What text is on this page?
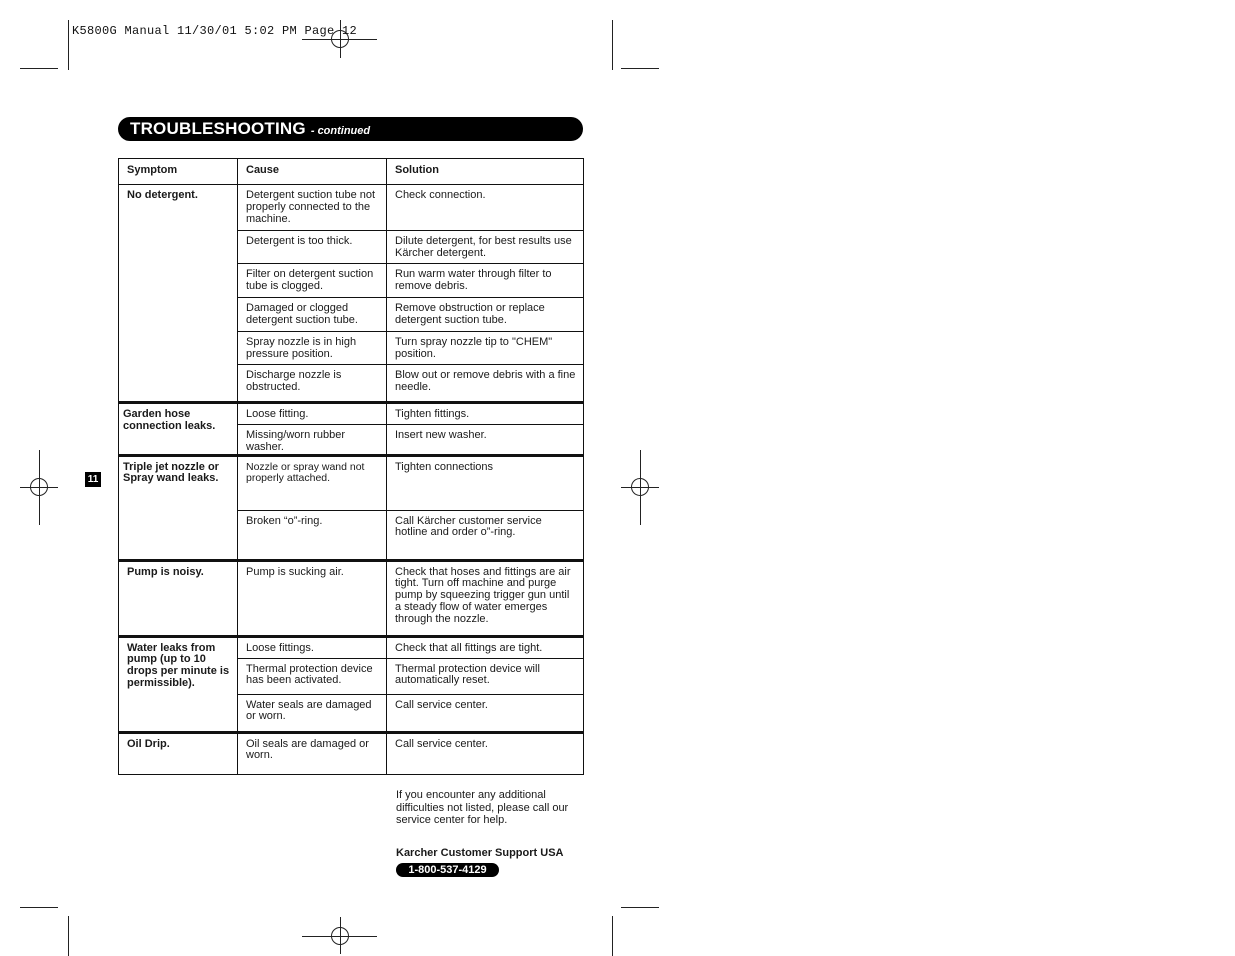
K5800G Manual 11/30/01 5:02 PM Page 12
TROUBLESHOOTING - continued
Symptom	Cause	Solution
No detergent.	Detergent suction tube not properly connected to the machine.	Check connection.
	Detergent is too thick.	Dilute detergent, for best results use Kärcher detergent.
	Filter on detergent suction tube is clogged.	Run warm water through filter to remove debris.
	Damaged or clogged detergent suction tube.	Remove obstruction or replace detergent suction tube.
	Spray nozzle is in high pressure position.	Turn spray nozzle tip to "CHEM" position.
	Discharge nozzle is obstructed.	Blow out or remove debris with a fine needle.
Garden hose connection leaks.	Loose fitting.	Tighten fittings.
	Missing/worn rubber washer.	Insert new washer.
Triple jet nozzle or Spray wand leaks.	Nozzle or spray wand not properly attached.	Tighten connections
	Broken “o”-ring.	Call Kärcher customer service hotline and order o”-ring.
Pump is noisy.	Pump is sucking air.	Check that hoses and fittings are air tight. Turn off machine and purge pump by squeezing trigger gun until a steady flow of water emerges through the nozzle.
Water leaks from pump (up to 10 drops per minute is permissible).	Loose fittings.	Check that all fittings are tight.
	Thermal protection device has been activated.	Thermal protection device will automatically reset.
	Water seals are damaged or worn.	Call service center.
Oil Drip.	Oil seals are damaged or worn.	Call service center.
11
If you encounter any additional difficulties not listed, please call our service center for help.
Karcher Customer Support USA
1-800-537-4129
